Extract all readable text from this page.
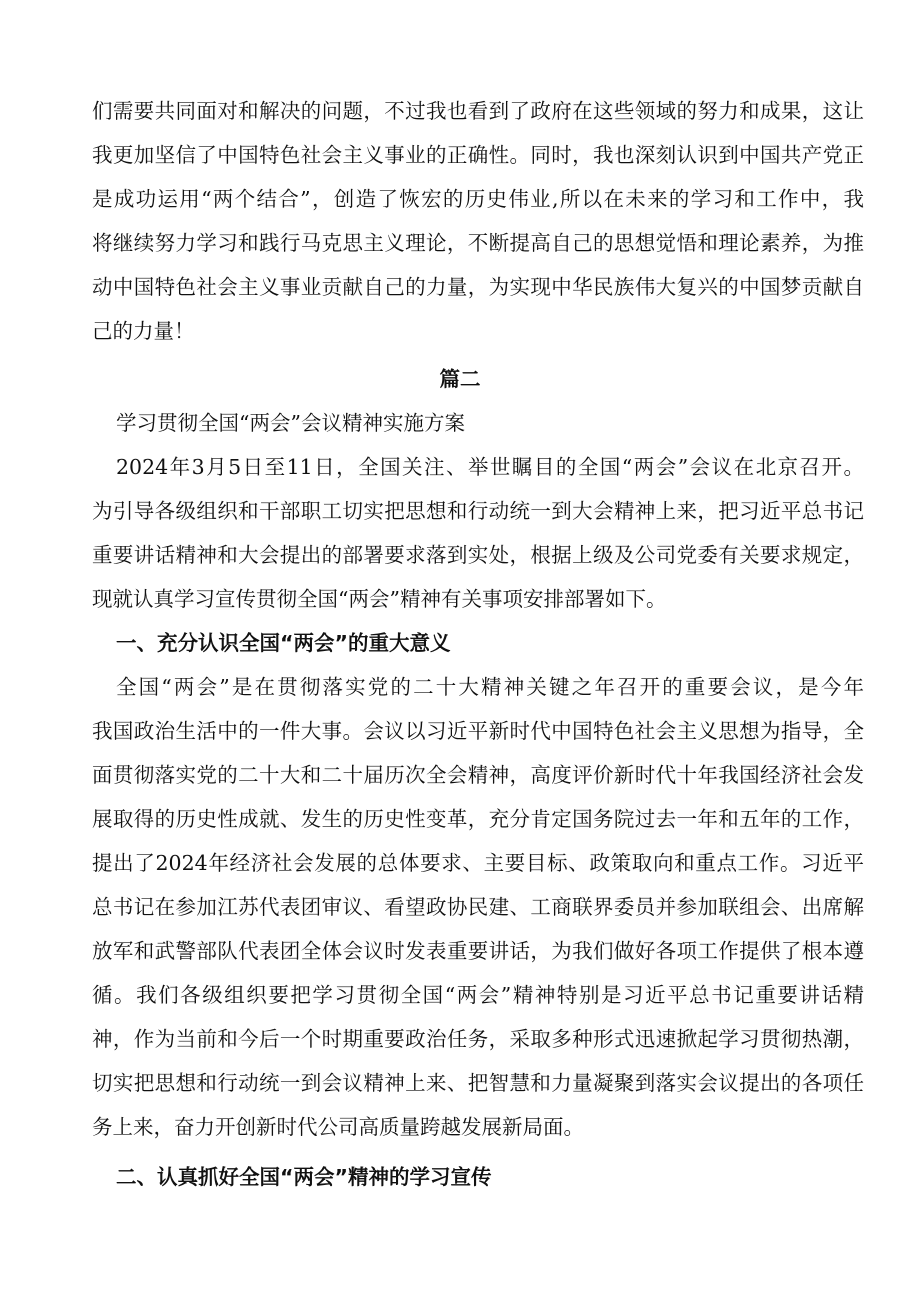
们需要共同面对和解决的问题，不过我也看到了政府在这些领域的努力和成果，这让
我更加坚信了中国特色社会主义事业的正确性。同时，我也深刻认识到中国共产党正
是成功运用“两个结合”，创造了恢宏的历史伟业,所以在未来的学习和工作中，我
将继续努力学习和践行马克思主义理论，不断提高自己的思想觉悟和理论素养，为推
动中国特色社会主义事业贡献自己的力量，为实现中华民族伟大复兴的中国梦贡献自
己的力量！
篇二
学习贯彻全国“两会”会议精神实施方案
2024年3月5日至11日，全国关注、举世瞩目的全国“两会”会议在北京召开。
为引导各级组织和干部职工切实把思想和行动统一到大会精神上来，把习近平总书记
重要讲话精神和大会提出的部署要求落到实处，根据上级及公司党委有关要求规定，
现就认真学习宣传贯彻全国“两会”精神有关事项安排部署如下。
一、充分认识全国“两会”的重大意义
全国“两会”是在贯彻落实党的二十大精神关键之年召开的重要会议，是今年
我国政治生活中的一件大事。会议以习近平新时代中国特色社会主义思想为指导，全
面贯彻落实党的二十大和二十届历次全会精神，高度评价新时代十年我国经济社会发
展取得的历史性成就、发生的历史性变革，充分肯定国务院过去一年和五年的工作，
提出了2024年经济社会发展的总体要求、主要目标、政策取向和重点工作。习近平
总书记在参加江苏代表团审议、看望政协民建、工商联界委员并参加联组会、出席解
放军和武警部队代表团全体会议时发表重要讲话，为我们做好各项工作提供了根本遵
循。我们各级组织要把学习贯彻全国“两会”精神特别是习近平总书记重要讲话精
神，作为当前和今后一个时期重要政治任务，采取多种形式迅速掀起学习贯彻热潮，
切实把思想和行动统一到会议精神上来、把智慧和力量凝聚到落实会议提出的各项任
务上来，奋力开创新时代公司高质量跨越发展新局面。
二、认真抓好全国“两会”精神的学习宣传
